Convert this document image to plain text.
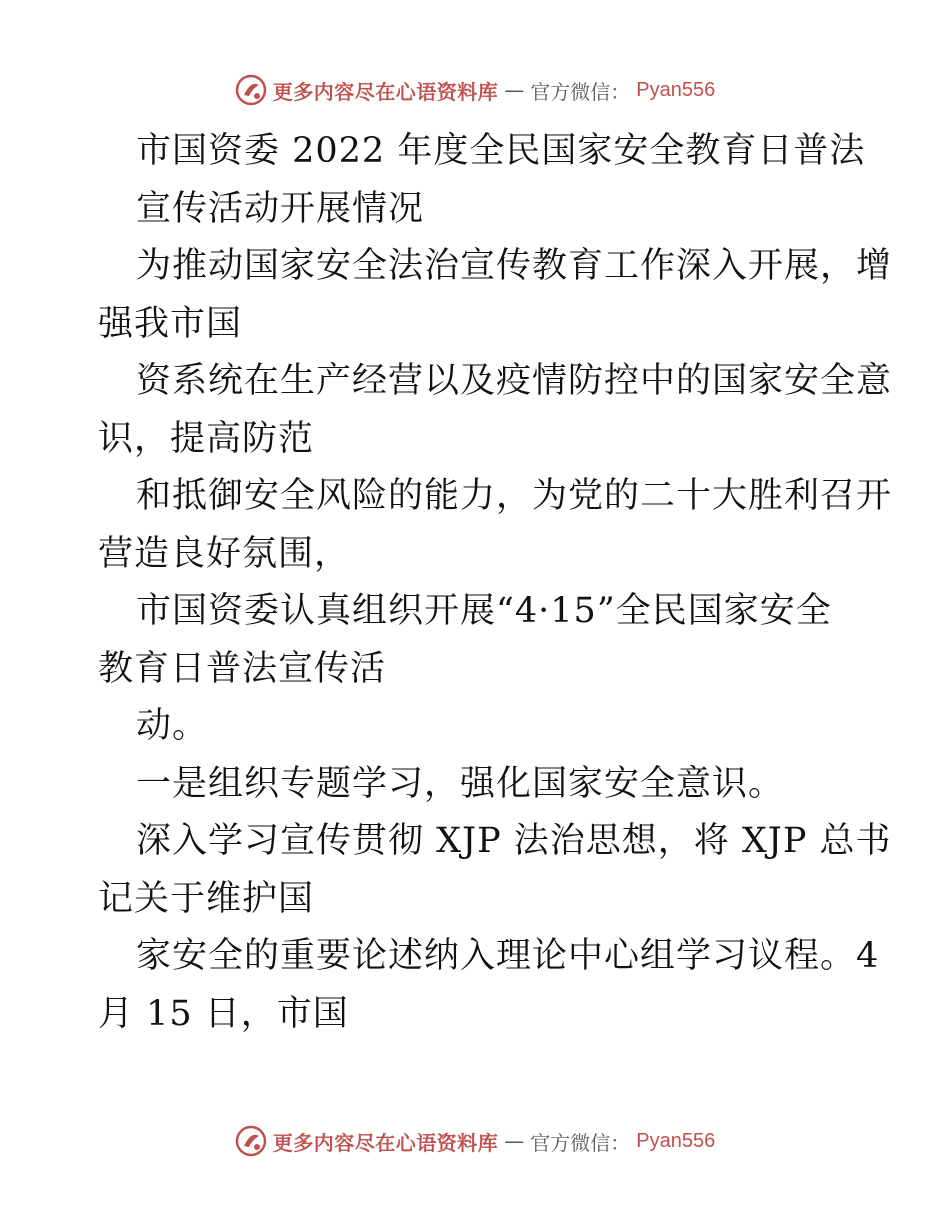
更多内容尽在心语资料库 — 官方微信： Pyan556
市国资委 2022 年度全民国家安全教育日普法
宣传活动开展情况
为推动国家安全法治宣传教育工作深入开展，增
强我市国
资系统在生产经营以及疫情防控中的国家安全意
识，提高防范
和抵御安全风险的能力，为党的二十大胜利召开
营造良好氛围，
市国资委认真组织开展“4·15”全民国家安全
教育日普法宣传活
动。
一是组织专题学习，强化国家安全意识。
深入学习宣传贯彻 XJP 法治思想，将 XJP 总书
记关于维护国
家安全的重要论述纳入理论中心组学习议程。4
月 15 日，市国
更多内容尽在心语资料库 — 官方微信： Pyan556
